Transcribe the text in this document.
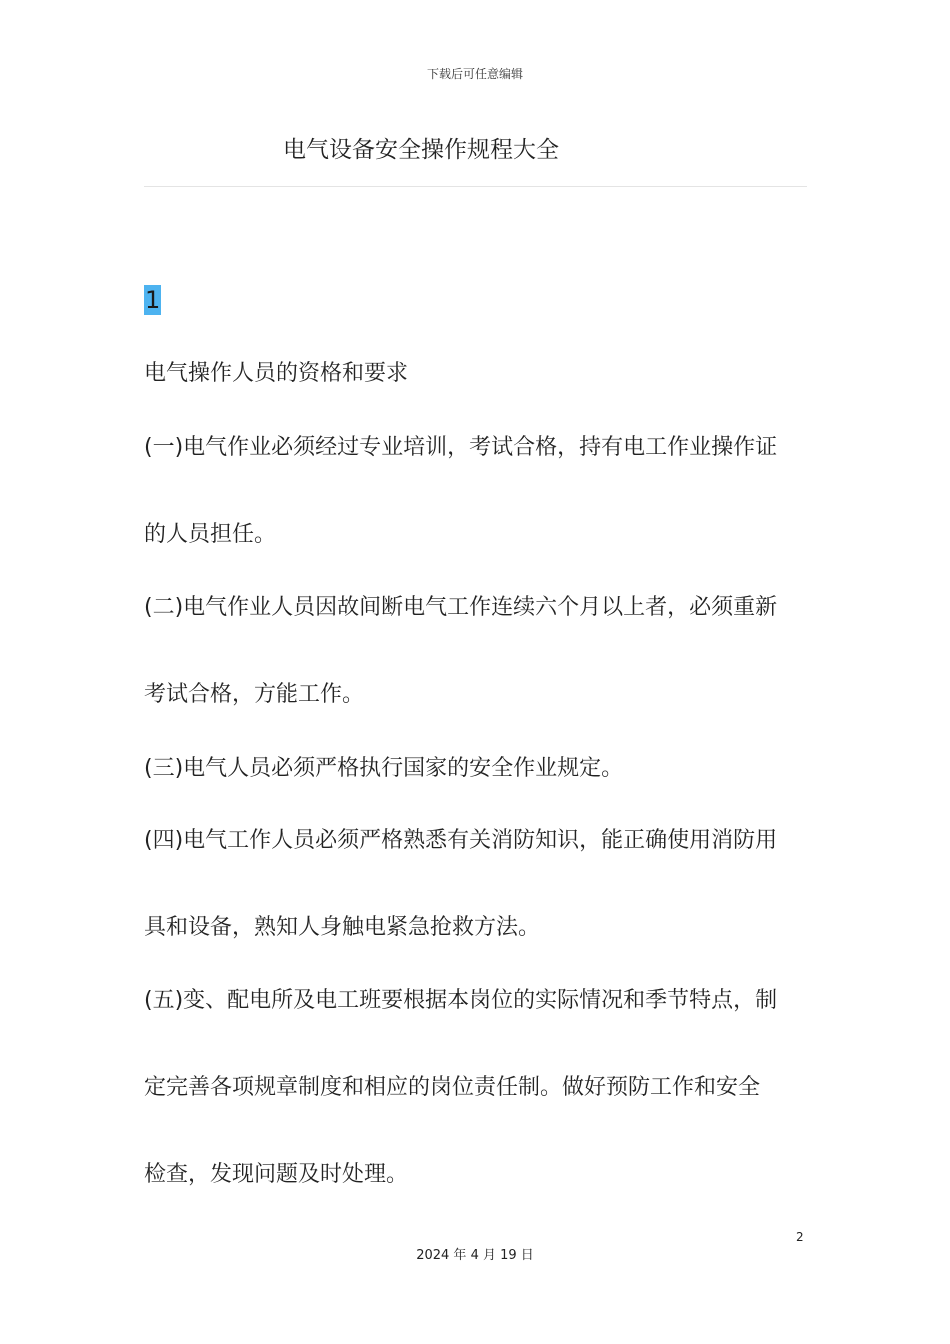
下载后可任意编辑
电气设备安全操作规程大全
1
电气操作人员的资格和要求
(一)电气作业必须经过专业培训，考试合格，持有电工作业操作证
的人员担任。
(二)电气作业人员因故间断电气工作连续六个月以上者，必须重新
考试合格，方能工作。
(三)电气人员必须严格执行国家的安全作业规定。
(四)电气工作人员必须严格熟悉有关消防知识，能正确使用消防用
具和设备，熟知人身触电紧急抢救方法。
(五)变、配电所及电工班要根据本岗位的实际情况和季节特点，制
定完善各项规章制度和相应的岗位责任制。做好预防工作和安全
检查，发现问题及时处理。
2
2024 年 4 月 19 日
